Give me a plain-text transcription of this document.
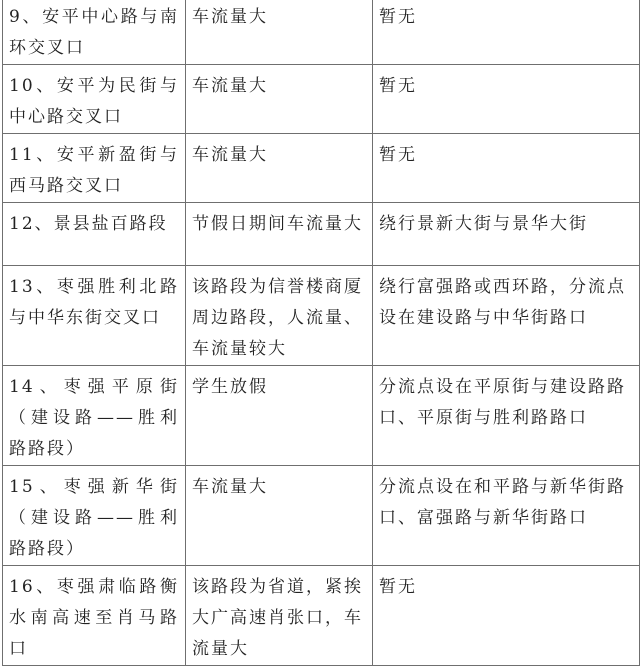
9、安平中心路与南环交叉口	车流量大	暂无
10、安平为民街与中心路交叉口	车流量大	暂无
11、安平新盈街与西马路交叉口	车流量大	暂无
12、景县盐百路段	节假日期间车流量大	绕行景新大街与景华大街
13、枣强胜利北路与中华东街交叉口	该路段为信誉楼商厦周边路段，人流量、车流量较大	绕行富强路或西环路，分流点设在建设路与中华街路口
14、枣强平原街（建设路——胜利路路段）	学生放假	分流点设在平原街与建设路路口、平原街与胜利路路口
15、枣强新华街（建设路——胜利路路段）	车流量大	分流点设在和平路与新华街路口、富强路与新华街路口
16、枣强肃临路衡水南高速至肖马路口	该路段为省道，紧挨大广高速肖张口，车流量大	暂无
